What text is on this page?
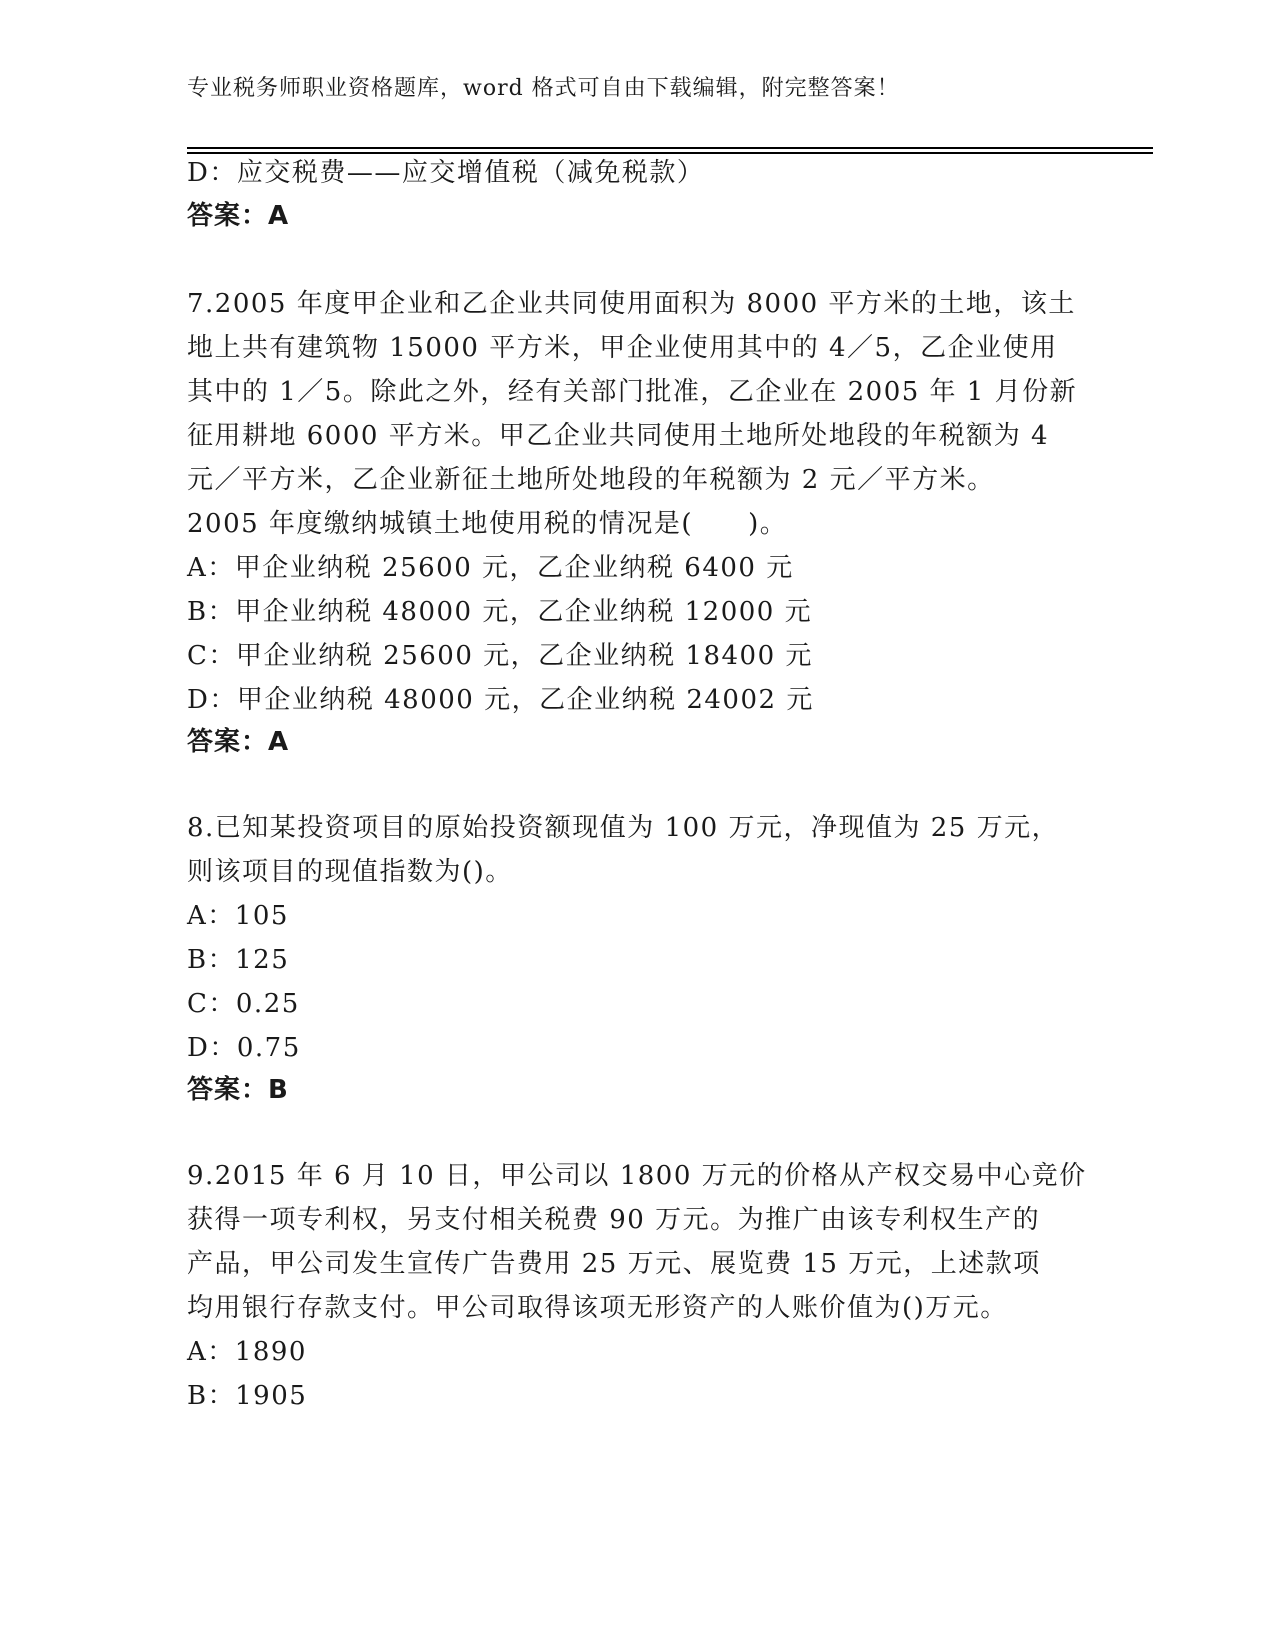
专业税务师职业资格题库，word 格式可自由下载编辑，附完整答案！
D：应交税费——应交增值税（减免税款）
答案：A
7.2005 年度甲企业和乙企业共同使用面积为 8000 平方米的土地，该土
地上共有建筑物 15000 平方米，甲企业使用其中的 4／5，乙企业使用
其中的 1／5。除此之外，经有关部门批准，乙企业在 2005 年 1 月份新
征用耕地 6000 平方米。甲乙企业共同使用土地所处地段的年税额为 4
元／平方米，乙企业新征土地所处地段的年税额为 2 元／平方米。
2005 年度缴纳城镇土地使用税的情况是(　　)。
A：甲企业纳税 25600 元，乙企业纳税 6400 元
B：甲企业纳税 48000 元，乙企业纳税 12000 元
C：甲企业纳税 25600 元，乙企业纳税 18400 元
D：甲企业纳税 48000 元，乙企业纳税 24002 元
答案：A
8.已知某投资项目的原始投资额现值为 100 万元，净现值为 25 万元，
则该项目的现值指数为()。
A：105
B：125
C：0.25
D：0.75
答案：B
9.2015 年 6 月 10 日，甲公司以 1800 万元的价格从产权交易中心竞价
获得一项专利权，另支付相关税费 90 万元。为推广由该专利权生产的
产品，甲公司发生宣传广告费用 25 万元、展览费 15 万元，上述款项
均用银行存款支付。甲公司取得该项无形资产的人账价值为()万元。
A：1890
B：1905
